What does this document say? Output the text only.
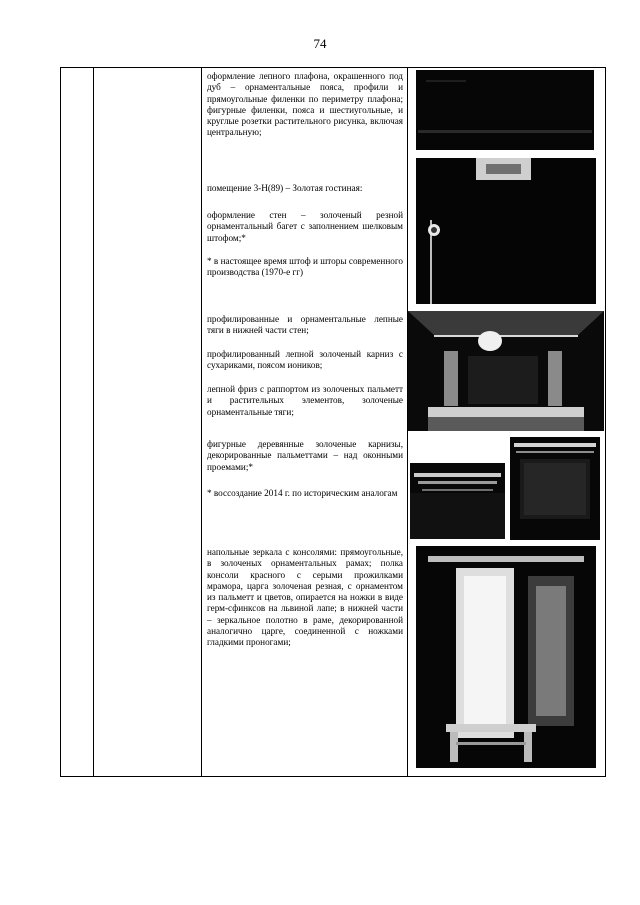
74

оформление лепного плафона, окрашенного под дуб – орнаментальные пояса, профили и прямоугольные филенки по периметру плафона; фигурные филенки, пояса и шестиугольные, и круглые розетки растительного рисунка, включая центральную;

помещение 3-Н(89) – Золотая гостиная:

оформление стен – золоченый резной орнаментальный багет с заполнением шелковым штофом;*

* в настоящее время штоф и шторы современного производства (1970-е гг)

профилированные и орнаментальные лепные тяги в нижней части стен;

профилированный лепной золоченый карниз с сухариками, поясом иоников;

лепной фриз с раппортом из золоченых пальметт и растительных элементов, золоченые орнаментальные тяги;

фигурные деревянные золоченые карнизы, декорированные пальметтами – над оконными проемами;*

* воссоздание 2014 г. по историческим аналогам

напольные зеркала с консолями: прямоугольные, в золоченых орнаментальных рамах; полка консоли красного с серыми прожилками мрамора, царга золоченая резная, с орнаментом из пальметт и цветов, опирается на ножки в виде герм-сфинксов на львиной лапе; в нижней части – зеркальное полотно в раме, декорированной аналогично царге, соединенной с ножками гладкими проногами;
